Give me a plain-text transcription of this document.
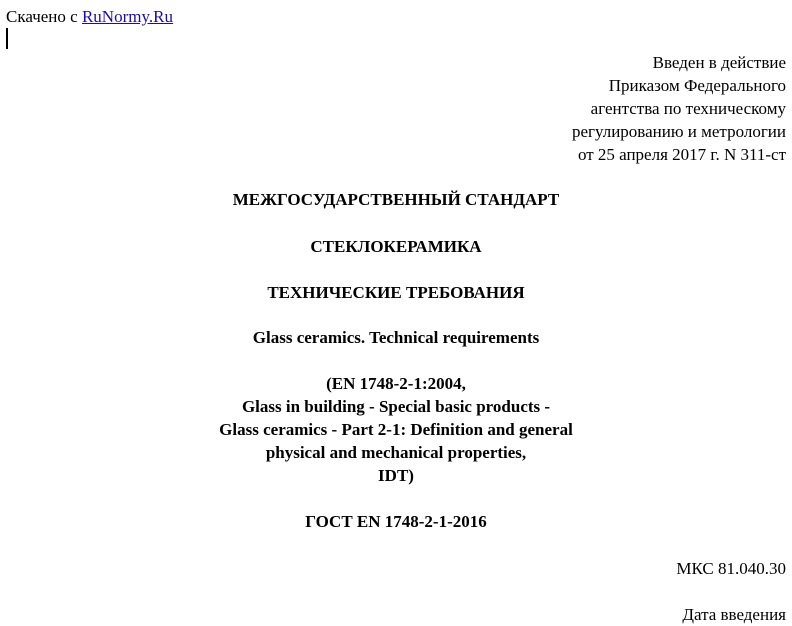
Скачено с RuNormy.Ru
Введен в действие
Приказом Федерального
агентства по техническому
регулированию и метрологии
от 25 апреля 2017 г. N 311-ст
МЕЖГОСУДАРСТВЕННЫЙ СТАНДАРТ
СТЕКЛОКЕРАМИКА
ТЕХНИЧЕСКИЕ ТРЕБОВАНИЯ
Glass ceramics. Technical requirements
(EN 1748-2-1:2004,
Glass in building - Special basic products -
Glass ceramics - Part 2-1: Definition and general
physical and mechanical properties,
IDT)
ГОСТ EN 1748-2-1-2016
МКС 81.040.30
Дата введения
